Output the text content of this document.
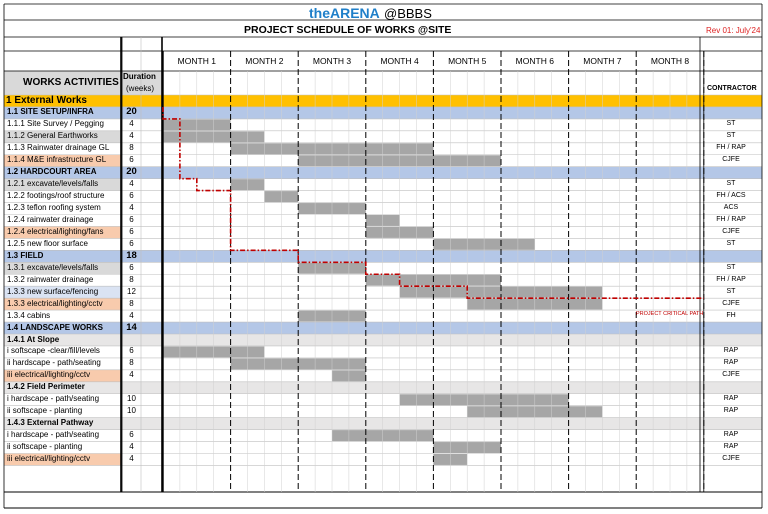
theARENA @BBBS
PROJECT SCHEDULE OF WORKS @SITE	Rev 01: July'24
WORKS ACTIVITIES
Duration
(weeks)	CONTRACTOR
MONTH 1	MONTH 2	MONTH 3	MONTH 4	MONTH 5	MONTH 6	MONTH 7	MONTH 8
1 External Works
1.1 SITE SETUP/INFRA	20
1.1.1 Site Survey / Pegging	4	ST
1.1.2 General Earthworks	4	ST
1.1.3 Rainwater drainage GL	8	FH / RAP
1.1.4 M&E infrastructure GL	6	CJFE
1.2 HARDCOURT AREA	20
1.2.1 excavate/levels/falls	4	ST
1.2.2 footings/roof structure	6	FH / ACS
1.2.3 teflon roofing system	4	ACS
1.2.4 rainwater drainage	6	FH / RAP
1.2.4 electrical/lighting/fans	6	CJFE
1.2.5 new floor surface	6	ST
1.3 FIELD	18
1.3.1 excavate/levels/falls	6	ST
1.3.2 rainwater drainage	8	FH / RAP
1.3.3 new surface/fencing	12	ST
1.3.3 electrical/lighting/cctv	8	CJFE
1.3.4 cabins	4	FH
1.4 LANDSCAPE WORKS	14
1.4.1 At Slope
i softscape -clear/fill/levels	6	RAP
ii hardscape - path/seating	8	RAP
iii electrical/lighting/cctv	4	CJFE
1.4.2 Field Perimeter
i hardscape - path/seating	10	RAP
ii softscape - planting	10	RAP
1.4.3 External Pathway
i hardscape - path/seating	6	RAP
ii softscape - planting	4	RAP
iii electrical/lighting/cctv	4	CJFE
PROJECT CRITICAL PATH
